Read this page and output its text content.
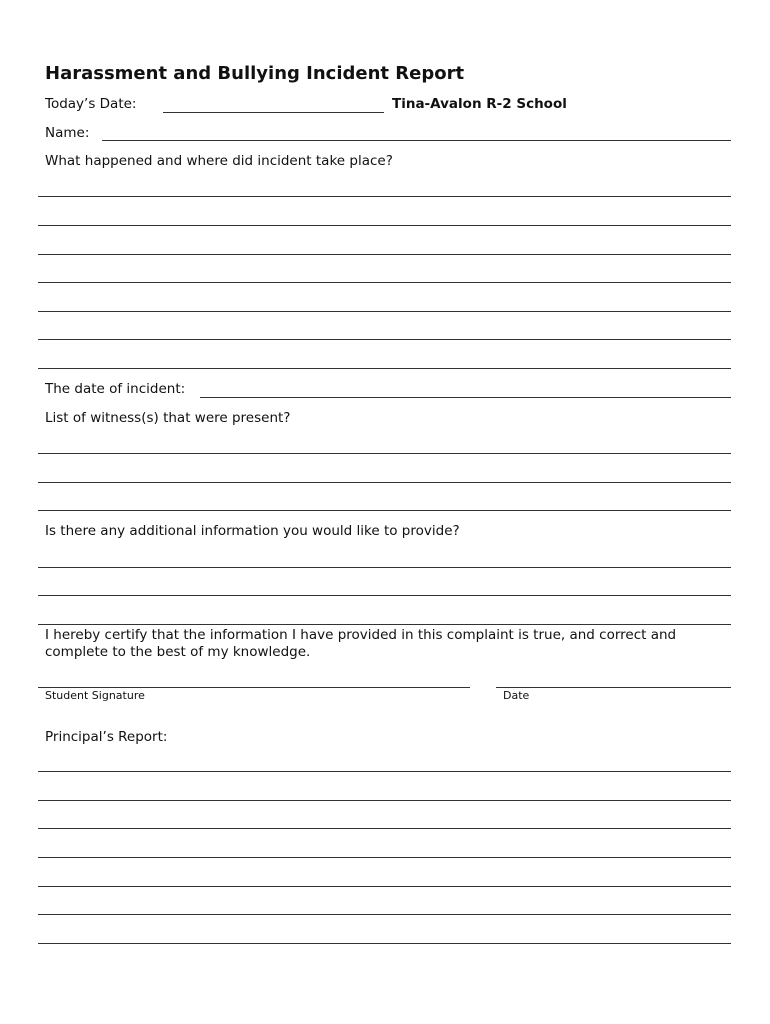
Harassment and Bullying Incident Report
Today’s Date:	Tina-Avalon R-2 School
Name:
What happened and where did incident take place?
The date of incident:
List of witness(s) that were present?
Is there any additional information you would like to provide?
I hereby certify that the information I have provided in this complaint is true, and correct and
complete to the best of my knowledge.
Student Signature	Date
Principal’s Report:
